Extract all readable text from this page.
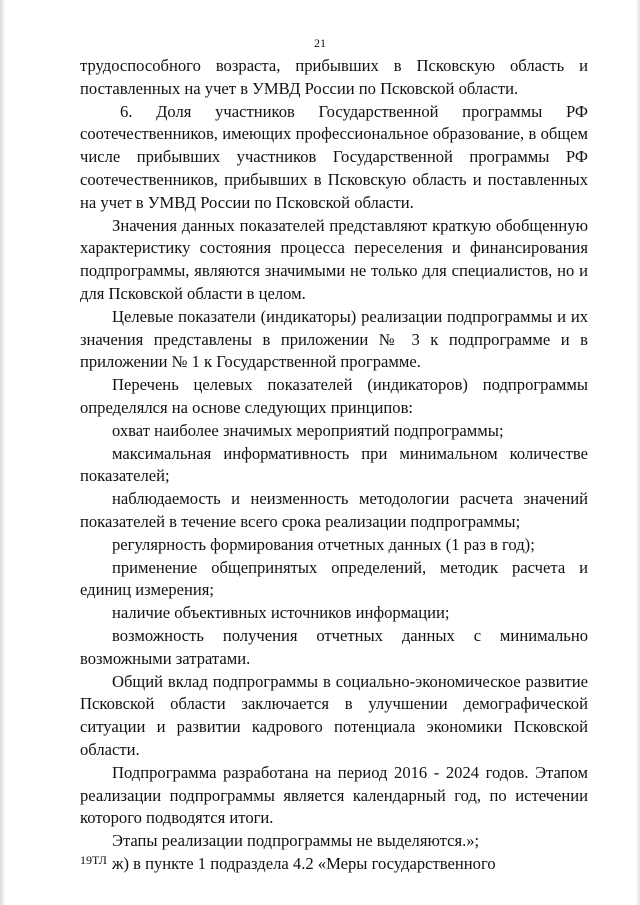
21

трудоспособного возраста, прибывших в Псковскую область и поставленных на учет в УМВД России по Псковской области.

6. Доля участников Государственной программы РФ соотечественников, имеющих профессиональное образование, в общем числе прибывших участников Государственной программы РФ соотечественников, прибывших в Псковскую область и поставленных на учет в УМВД России по Псковской области.

Значения данных показателей представляют краткую обобщенную характеристику состояния процесса переселения и финансирования подпрограммы, являются значимыми не только для специалистов, но и для Псковской области в целом.

Целевые показатели (индикаторы) реализации подпрограммы и их значения представлены в приложении № 3 к подпрограмме и в приложении № 1 к Государственной программе.

Перечень целевых показателей (индикаторов) подпрограммы определялся на основе следующих принципов:

охват наиболее значимых мероприятий подпрограммы;

максимальная информативность при минимальном количестве показателей;

наблюдаемость и неизменность методологии расчета значений показателей в течение всего срока реализации подпрограммы;

регулярность формирования отчетных данных (1 раз в год);

применение общепринятых определений, методик расчета и единиц измерения;

наличие объективных источников информации;

возможность получения отчетных данных с минимально возможными затратами.

Общий вклад подпрограммы в социально-экономическое развитие Псковской области заключается в улучшении демографической ситуации и развитии кадрового потенциала экономики Псковской области.

Подпрограмма разработана на период 2016 - 2024 годов. Этапом реализации подпрограммы является календарный год, по истечении которого подводятся итоги.

Этапы реализации подпрограммы не выделяются.»;

ж) в пункте 1 подраздела 4.2 «Меры государственного

19ТЛ
